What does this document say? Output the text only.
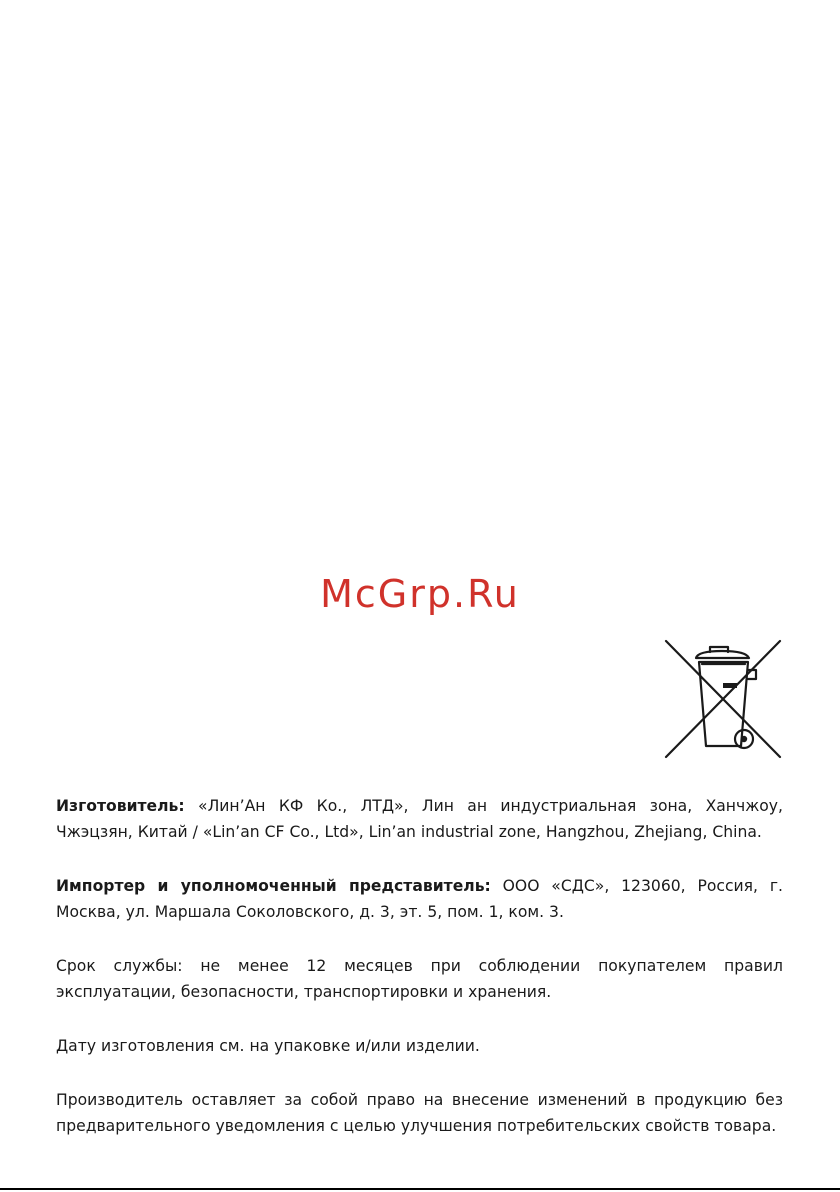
McGrp.Ru

Изготовитель: «Лин’Ан КФ Ко., ЛТД», Лин ан индустриальная зона, Ханчжоу, Чжэцзян, Китай / «Lin’an CF Co., Ltd», Lin’an industrial zone, Hangzhou, Zhejiang, China.

Импортер и уполномоченный представитель: ООО «СДС», 123060, Россия, г. Москва, ул. Маршала Соколовского, д. 3, эт. 5, пом. 1, ком. 3.

Срок службы: не менее 12 месяцев при соблюдении покупателем правил эксплуатации, безопасности, транспортировки и хранения.

Дату изготовления см. на упаковке и/или изделии.

Производитель оставляет за собой право на внесение изменений в продукцию без предварительного уведомления с целью улучшения потребительских свойств товара.
